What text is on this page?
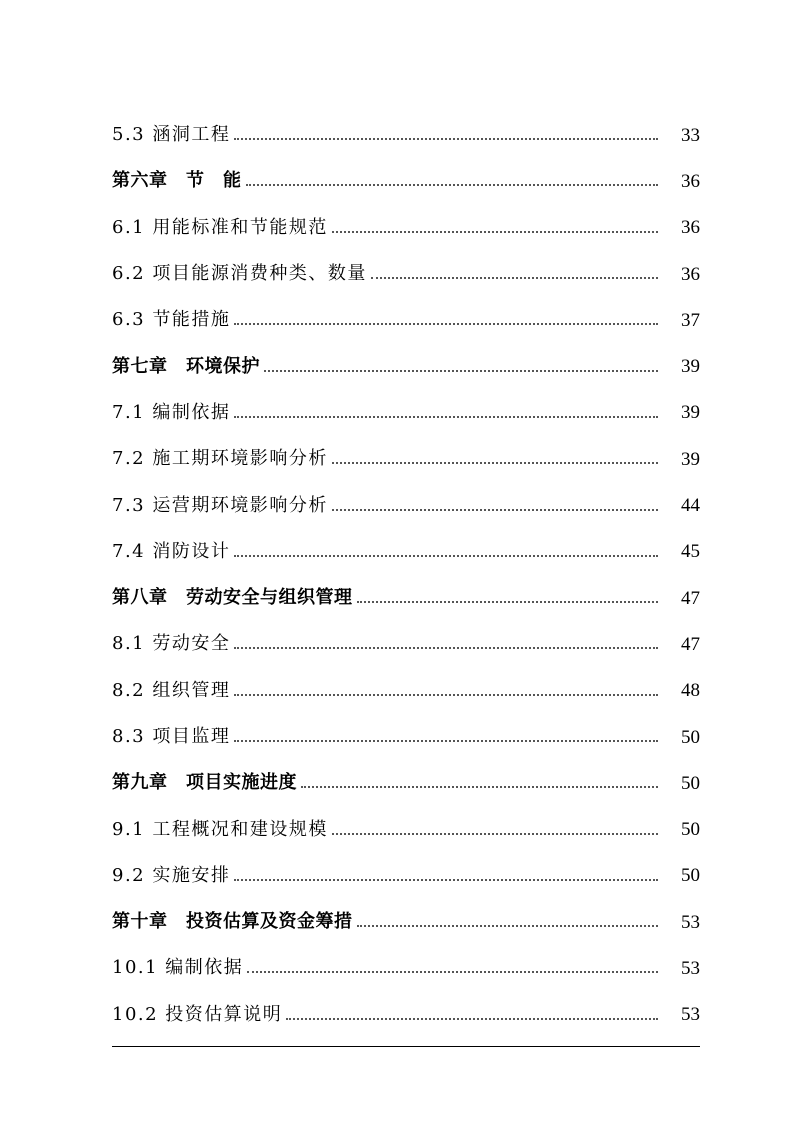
5.3 涵洞工程	33
第六章　节　能	36
6.1 用能标准和节能规范	36
6.2 项目能源消费种类、数量	36
6.3 节能措施	37
第七章　环境保护	39
7.1 编制依据	39
7.2 施工期环境影响分析	39
7.3 运营期环境影响分析	44
7.4 消防设计	45
第八章　劳动安全与组织管理	47
8.1 劳动安全	47
8.2 组织管理	48
8.3 项目监理	50
第九章　项目实施进度	50
9.1 工程概况和建设规模	50
9.2 实施安排	50
第十章　投资估算及资金筹措	53
10.1 编制依据	53
10.2 投资估算说明	53
